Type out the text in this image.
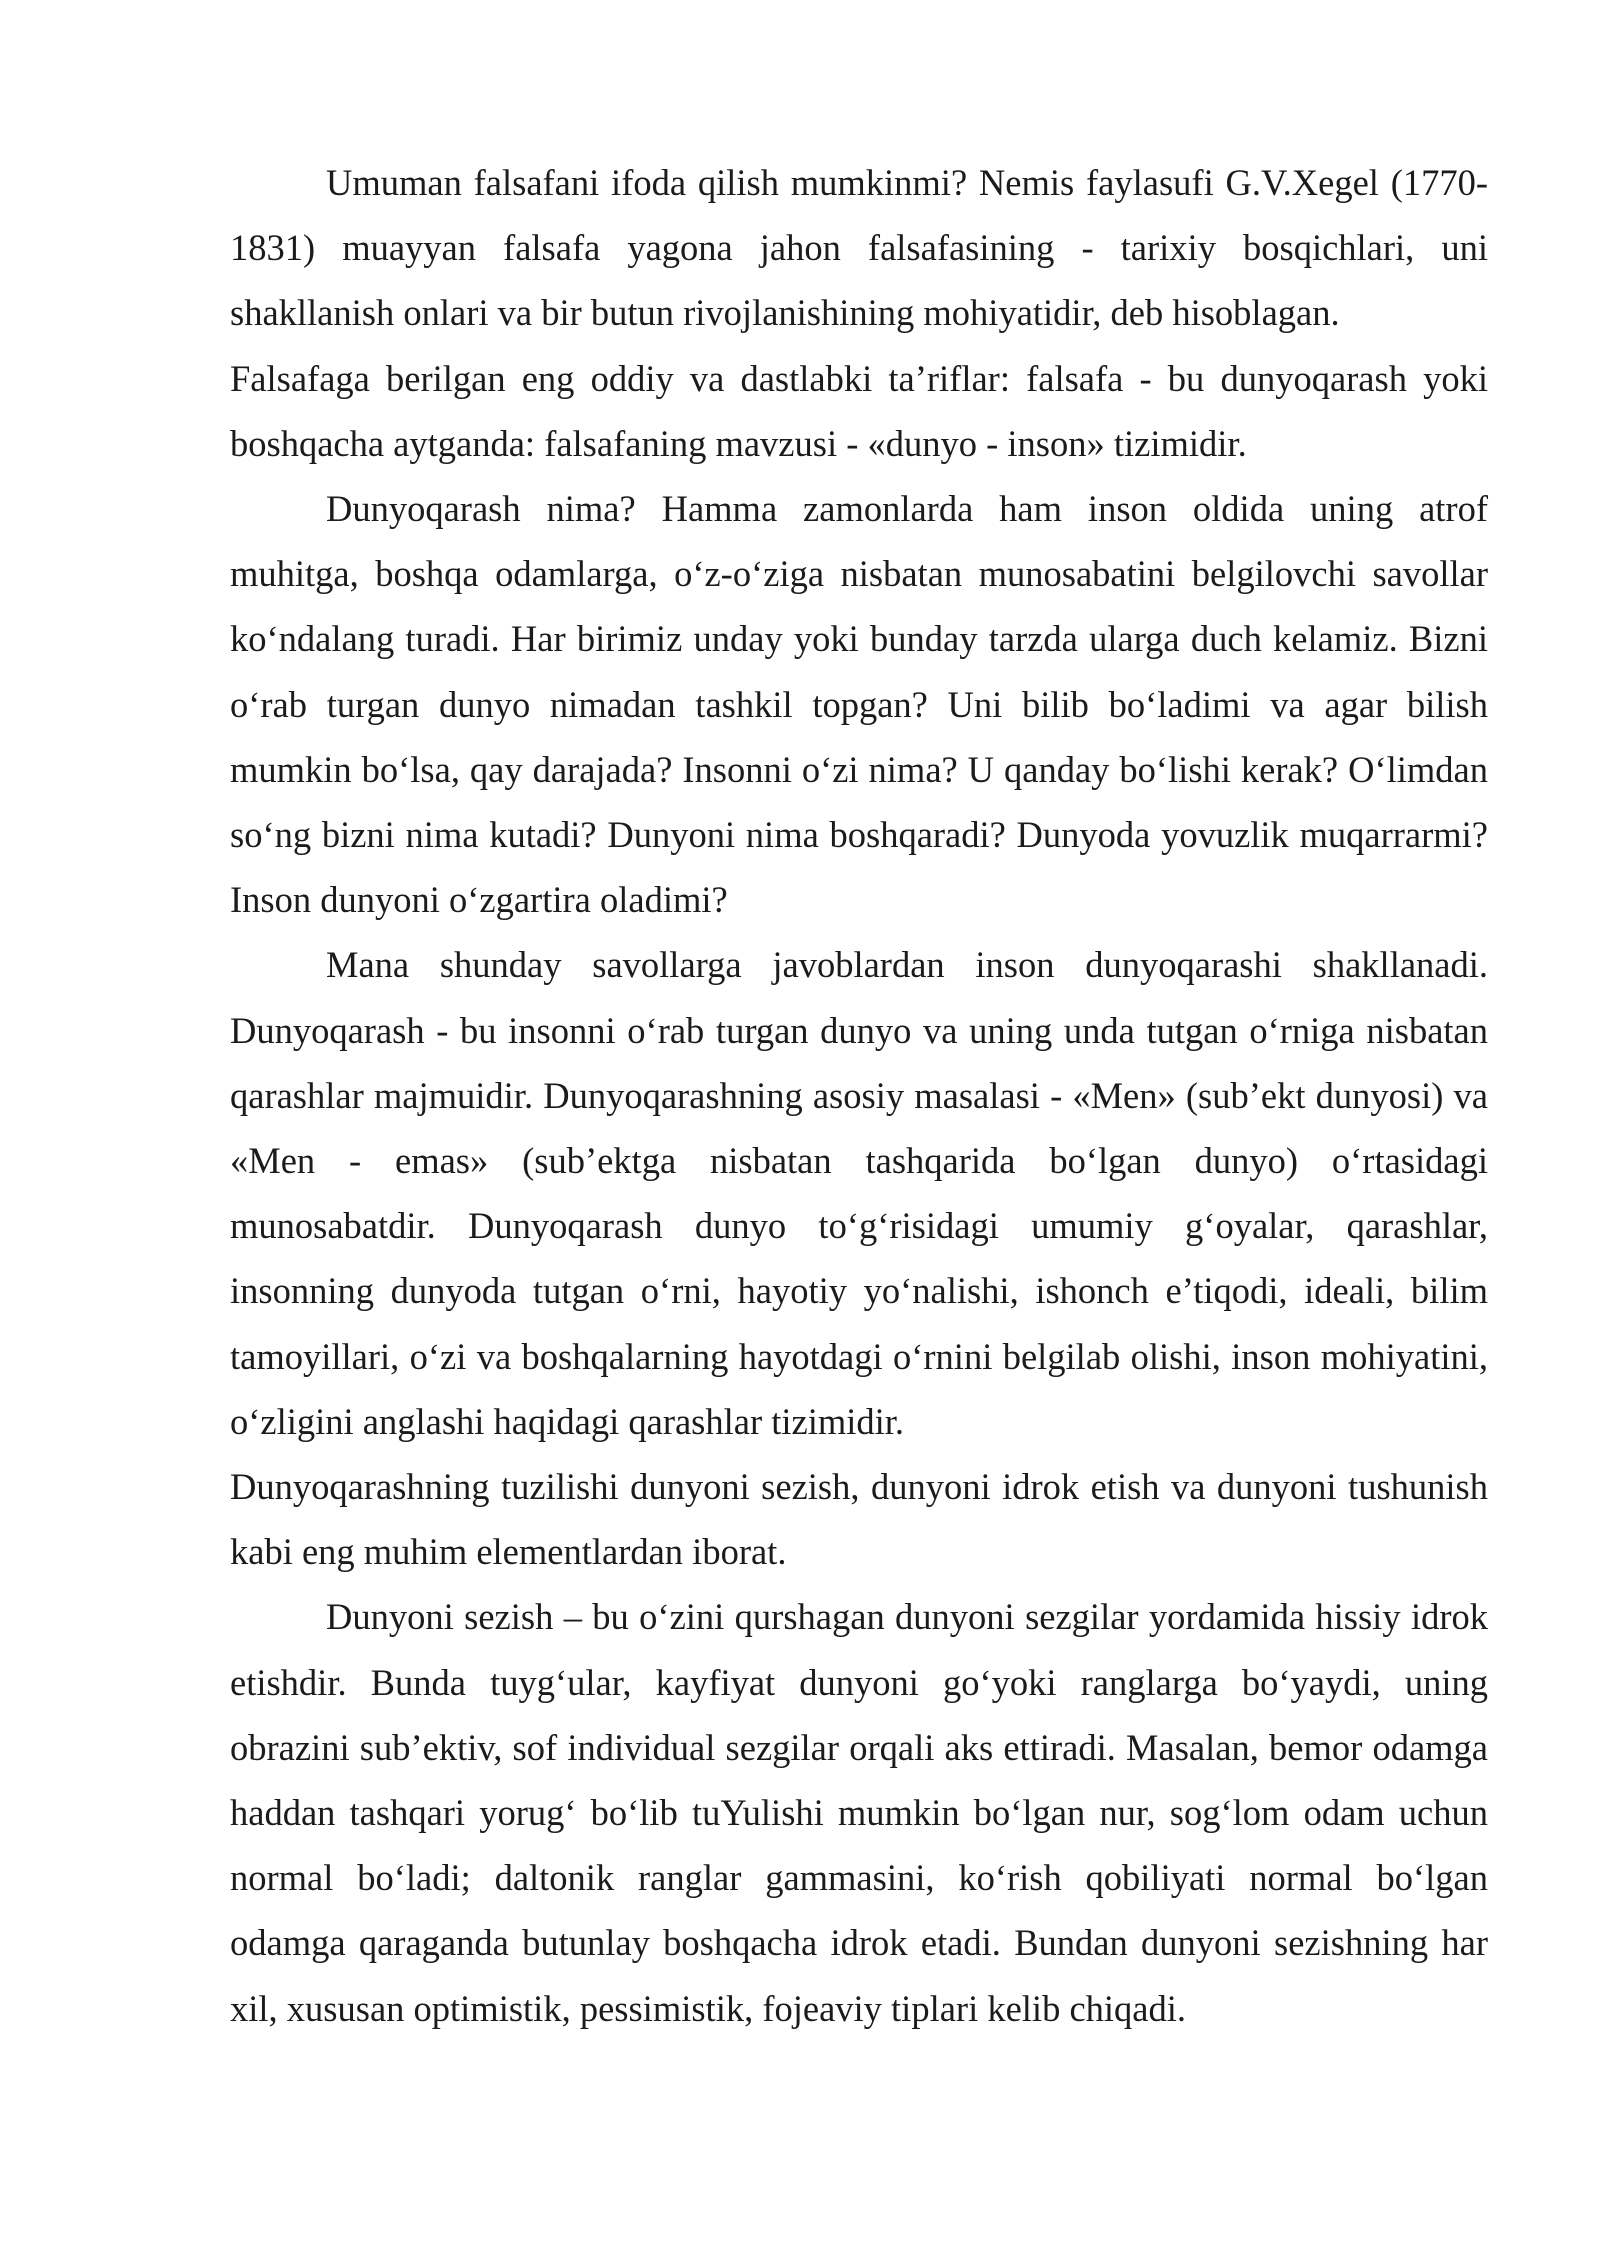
Umuman falsafani ifoda qilish mumkinmi? Nemis faylasufi G.V.Xegel (1770-1831) muayyan falsafa yagona jahon falsafasining - tarixiy bosqichlari, uni shakllanish onlari va bir butun rivojlanishining mohiyatidir, deb hisoblagan.

Falsafaga berilgan eng oddiy va dastlabki ta’riflar: falsafa - bu dunyoqarash yoki boshqacha aytganda: falsafaning mavzusi - «dunyo - inson» tizimidir.

Dunyoqarash nima? Hamma zamonlarda ham inson oldida uning atrof muhitga, boshqa odamlarga, o‘z-o‘ziga nisbatan munosabatini belgilovchi savollar ko‘ndalang turadi. Har birimiz unday yoki bunday tarzda ularga duch kelamiz. Bizni o‘rab turgan dunyo nimadan tashkil topgan? Uni bilib bo‘ladimi va agar bilish mumkin bo‘lsa, qay darajada? Insonni o‘zi nima? U qanday bo‘lishi kerak? O‘limdan so‘ng bizni nima kutadi? Dunyoni nima boshqaradi? Dunyoda yovuzlik muqarrarmi? Inson dunyoni o‘zgartira oladimi?

Mana shunday savollarga javoblardan inson dunyoqarashi shakllanadi. Dunyoqarash - bu insonni o‘rab turgan dunyo va uning unda tutgan o‘rniga nisbatan qarashlar majmuidir. Dunyoqarashning asosiy masalasi - «Men» (sub’ekt dunyosi) va «Men - emas» (sub’ektga nisbatan tashqarida bo‘lgan dunyo) o‘rtasidagi munosabatdir. Dunyoqarash dunyo to‘g‘risidagi umumiy g‘oyalar, qarashlar, insonning dunyoda tutgan o‘rni, hayotiy yo‘nalishi, ishonch e’tiqodi, ideali, bilim tamoyillari, o‘zi va boshqalarning hayotdagi o‘rnini belgilab olishi, inson mohiyatini, o‘zligini anglashi haqidagi qarashlar tizimidir.

Dunyoqarashning tuzilishi dunyoni sezish, dunyoni idrok etish va dunyoni tushunish kabi eng muhim elementlardan iborat.

Dunyoni sezish – bu o‘zini qurshagan dunyoni sezgilar yordamida hissiy idrok etishdir. Bunda tuyg‘ular, kayfiyat dunyoni go‘yoki ranglarga bo‘yaydi, uning obrazini sub’ektiv, sof individual sezgilar orqali aks ettiradi. Masalan, bemor odamga haddan tashqari yorug‘ bo‘lib tuYulishi mumkin bo‘lgan nur, sog‘lom odam uchun normal bo‘ladi; daltonik ranglar gammasini, ko‘rish qobiliyati normal bo‘lgan odamga qaraganda butunlay boshqacha idrok etadi. Bundan dunyoni sezishning har xil, xususan optimistik, pessimistik, fojeaviy tiplari kelib chiqadi.
